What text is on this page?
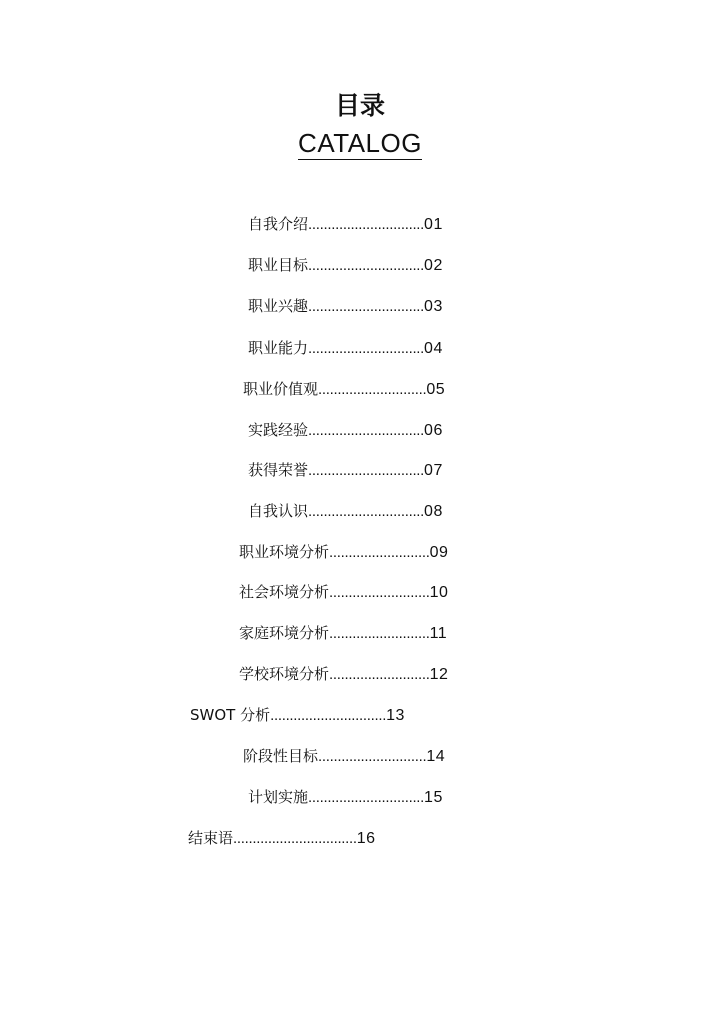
目录
CATALOG
自我介绍..............................01
职业目标..............................02
职业兴趣..............................03
职业能力..............................04
职业价值观............................05
实践经验..............................06
获得荣誉..............................07
自我认识..............................08
职业环境分析..........................09
社会环境分析..........................10
家庭环境分析..........................11
学校环境分析..........................12
SWOT 分析..............................13
阶段性目标............................14
计划实施..............................15
结束语................................16
